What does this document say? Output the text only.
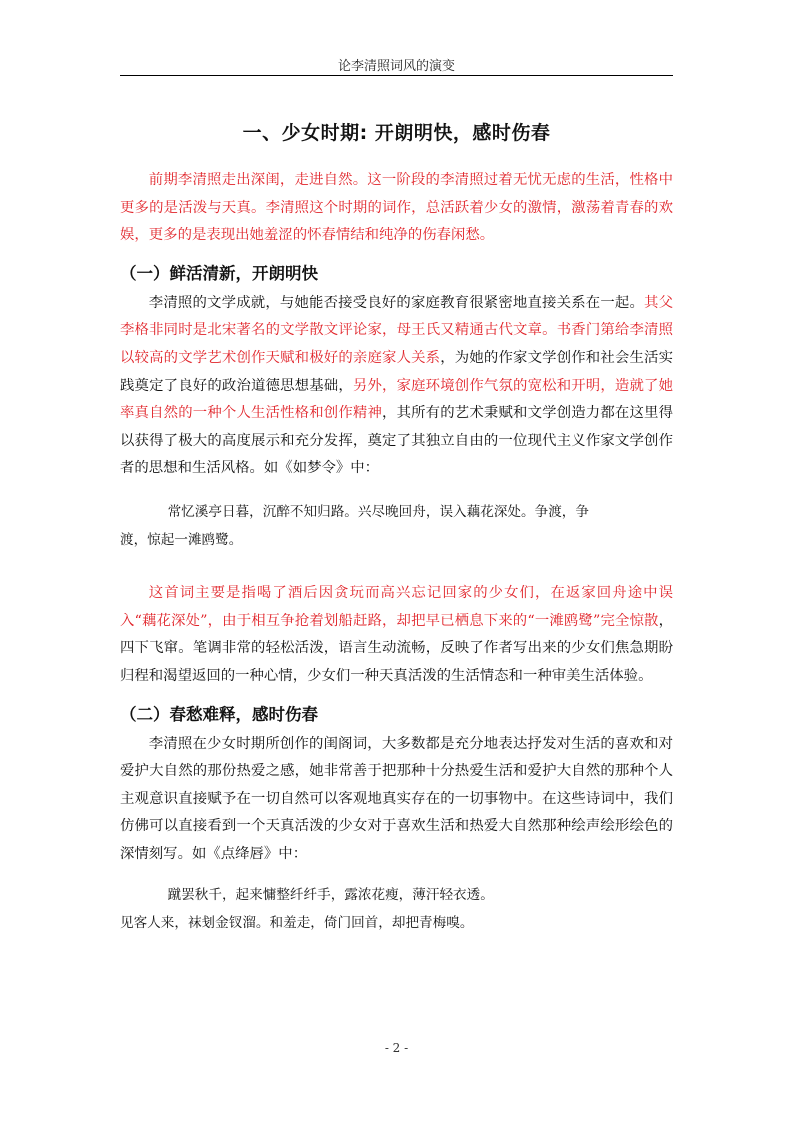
论李清照词风的演变
一、少女时期: 开朗明快，感时伤春

前期李清照走出深闺，走进自然。这一阶段的李清照过着无忧无虑的生活，性格中更多的是活泼与天真。李清照这个时期的词作，总活跃着少女的激情，激荡着青春的欢娱，更多的是表现出她羞涩的怀春情结和纯净的伤春闲愁。

（一）鲜活清新，开朗明快

李清照的文学成就，与她能否接受良好的家庭教育很紧密地直接关系在一起。其父李格非同时是北宋著名的文学散文评论家，母王氏又精通古代文章。书香门第给李清照以较高的文学艺术创作天赋和极好的亲庭家人关系，为她的作家文学创作和社会生活实践奠定了良好的政治道德思想基础，另外，家庭环境创作气氛的宽松和开明，造就了她率真自然的一种个人生活性格和创作精神，其所有的艺术秉赋和文学创造力都在这里得以获得了极大的高度展示和充分发挥，奠定了其独立自由的一位现代主义作家文学创作者的思想和生活风格。如《如梦令》中：

常忆溪亭日暮，沉醉不知归路。兴尽晚回舟，误入藕花深处。争渡，争
渡，惊起一滩鸥鹭。

这首词主要是指喝了酒后因贪玩而高兴忘记回家的少女们，在返家回舟途中误入“藕花深处”，由于相互争抢着划船赶路，却把早已栖息下来的“一滩鸥鹭”完全惊散，四下飞窜。笔调非常的轻松活泼，语言生动流畅，反映了作者写出来的少女们焦急期盼归程和渴望返回的一种心情，少女们一种天真活泼的生活情态和一种审美生活体验。

（二）春愁难释，感时伤春

李清照在少女时期所创作的闺阁词，大多数都是充分地表达抒发对生活的喜欢和对爱护大自然的那份热爱之感，她非常善于把那种十分热爱生活和爱护大自然的那种个人主观意识直接赋予在一切自然可以客观地真实存在的一切事物中。在这些诗词中，我们仿佛可以直接看到一个天真活泼的少女对于喜欢生活和热爱大自然那种绘声绘形绘色的深情刻写。如《点绛唇》中：

蹴罢秋千，起来慵整纤纤手，露浓花瘦，薄汗轻衣透。
见客人来，袜刬金钗溜。和羞走，倚门回首，却把青梅嗅。
- 2 -
